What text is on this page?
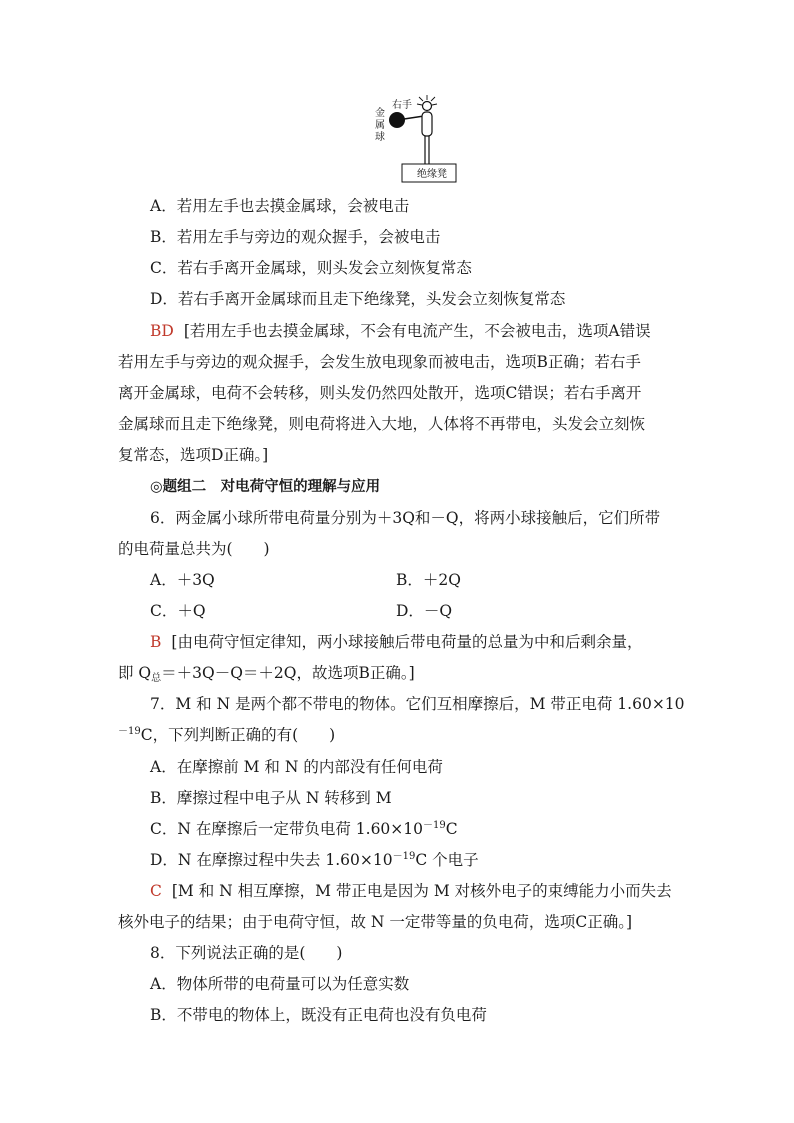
右手
绝缘凳
金属球
A．若用左手也去摸金属球，会被电击
B．若用左手与旁边的观众握手，会被电击
C．若右手离开金属球，则头发会立刻恢复常态
D．若右手离开金属球而且走下绝缘凳，头发会立刻恢复常态
BD [若用左手也去摸金属球，不会有电流产生，不会被电击，选项A错误
若用左手与旁边的观众握手，会发生放电现象而被电击，选项B正确；若右手
离开金属球，电荷不会转移，则头发仍然四处散开，选项C错误；若右手离开
金属球而且走下绝缘凳，则电荷将进入大地，人体将不再带电，头发会立刻恢
复常态，选项D正确。]
◎题组二　对电荷守恒的理解与应用
6．两金属小球所带电荷量分别为＋3Q和－Q，将两小球接触后，它们所带
的电荷量总共为(　　)
A．＋3Q	B．＋2Q
C．＋Q	D．－Q
B [由电荷守恒定律知，两小球接触后带电荷量的总量为中和后剩余量，
即 $Q_总=+3Q-Q=+2Q$，故选项B正确。]
7．M 和 N 是两个都不带电的物体。它们互相摩擦后，M 带正电荷 1.60×10
$^{-19}$C，下列判断正确的有(　　)
A．在摩擦前 M 和 N 的内部没有任何电荷
B．摩擦过程中电子从 N 转移到 M
C．N 在摩擦后一定带负电荷 $1.60\times 10^{-19}C$
D．N 在摩擦过程中失去 $1.60\times 10^{-19}C$ 个电子
C [M 和 N 相互摩擦，M 带正电是因为 M 对核外电子的束缚能力小而失去
核外电子的结果；由于电荷守恒，故 N 一定带等量的负电荷，选项C正确。]
8．下列说法正确的是(　　)
A．物体所带的电荷量可以为任意实数
B．不带电的物体上，既没有正电荷也没有负电荷
